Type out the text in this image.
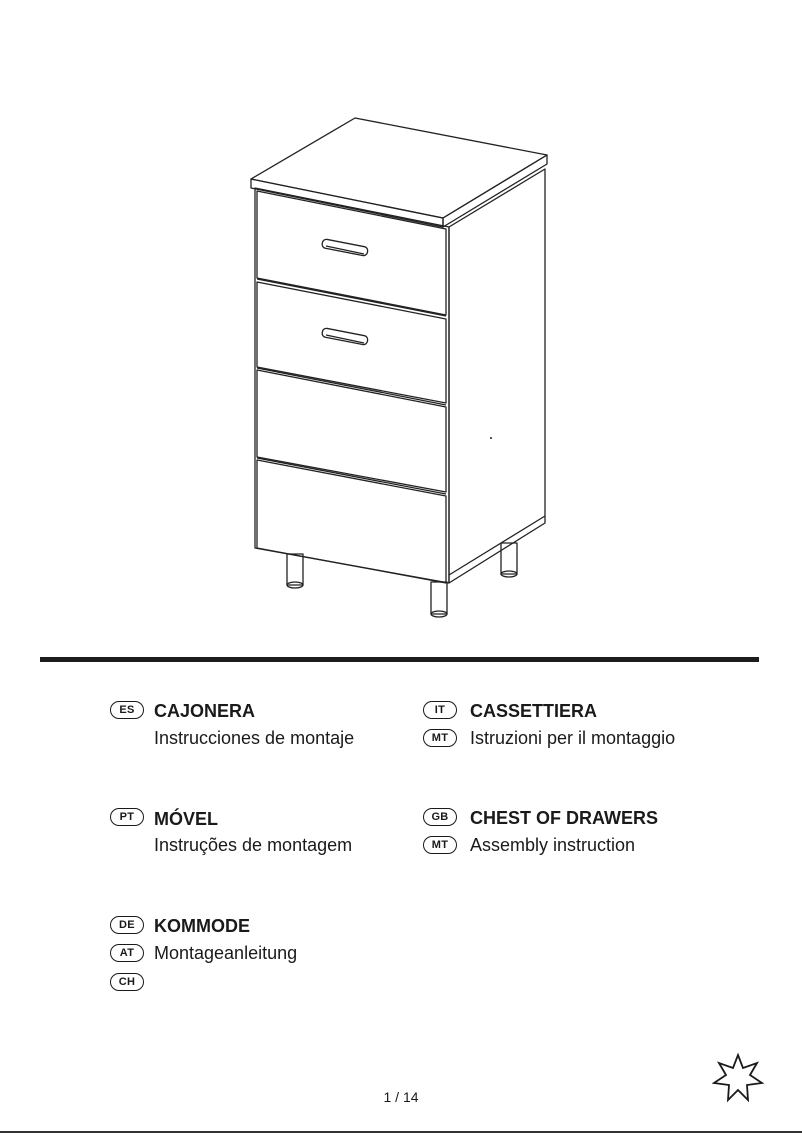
ES	CAJONERA
Instrucciones de montaje
IT
MT
CASSETTIERA
Istruzioni per il montaggio
PT	MÓVEL
Instruções de montagem
GB
MT
CHEST OF DRAWERS
Assembly instruction
DE
AT
CH
KOMMODE
Montageanleitung
1 / 14
